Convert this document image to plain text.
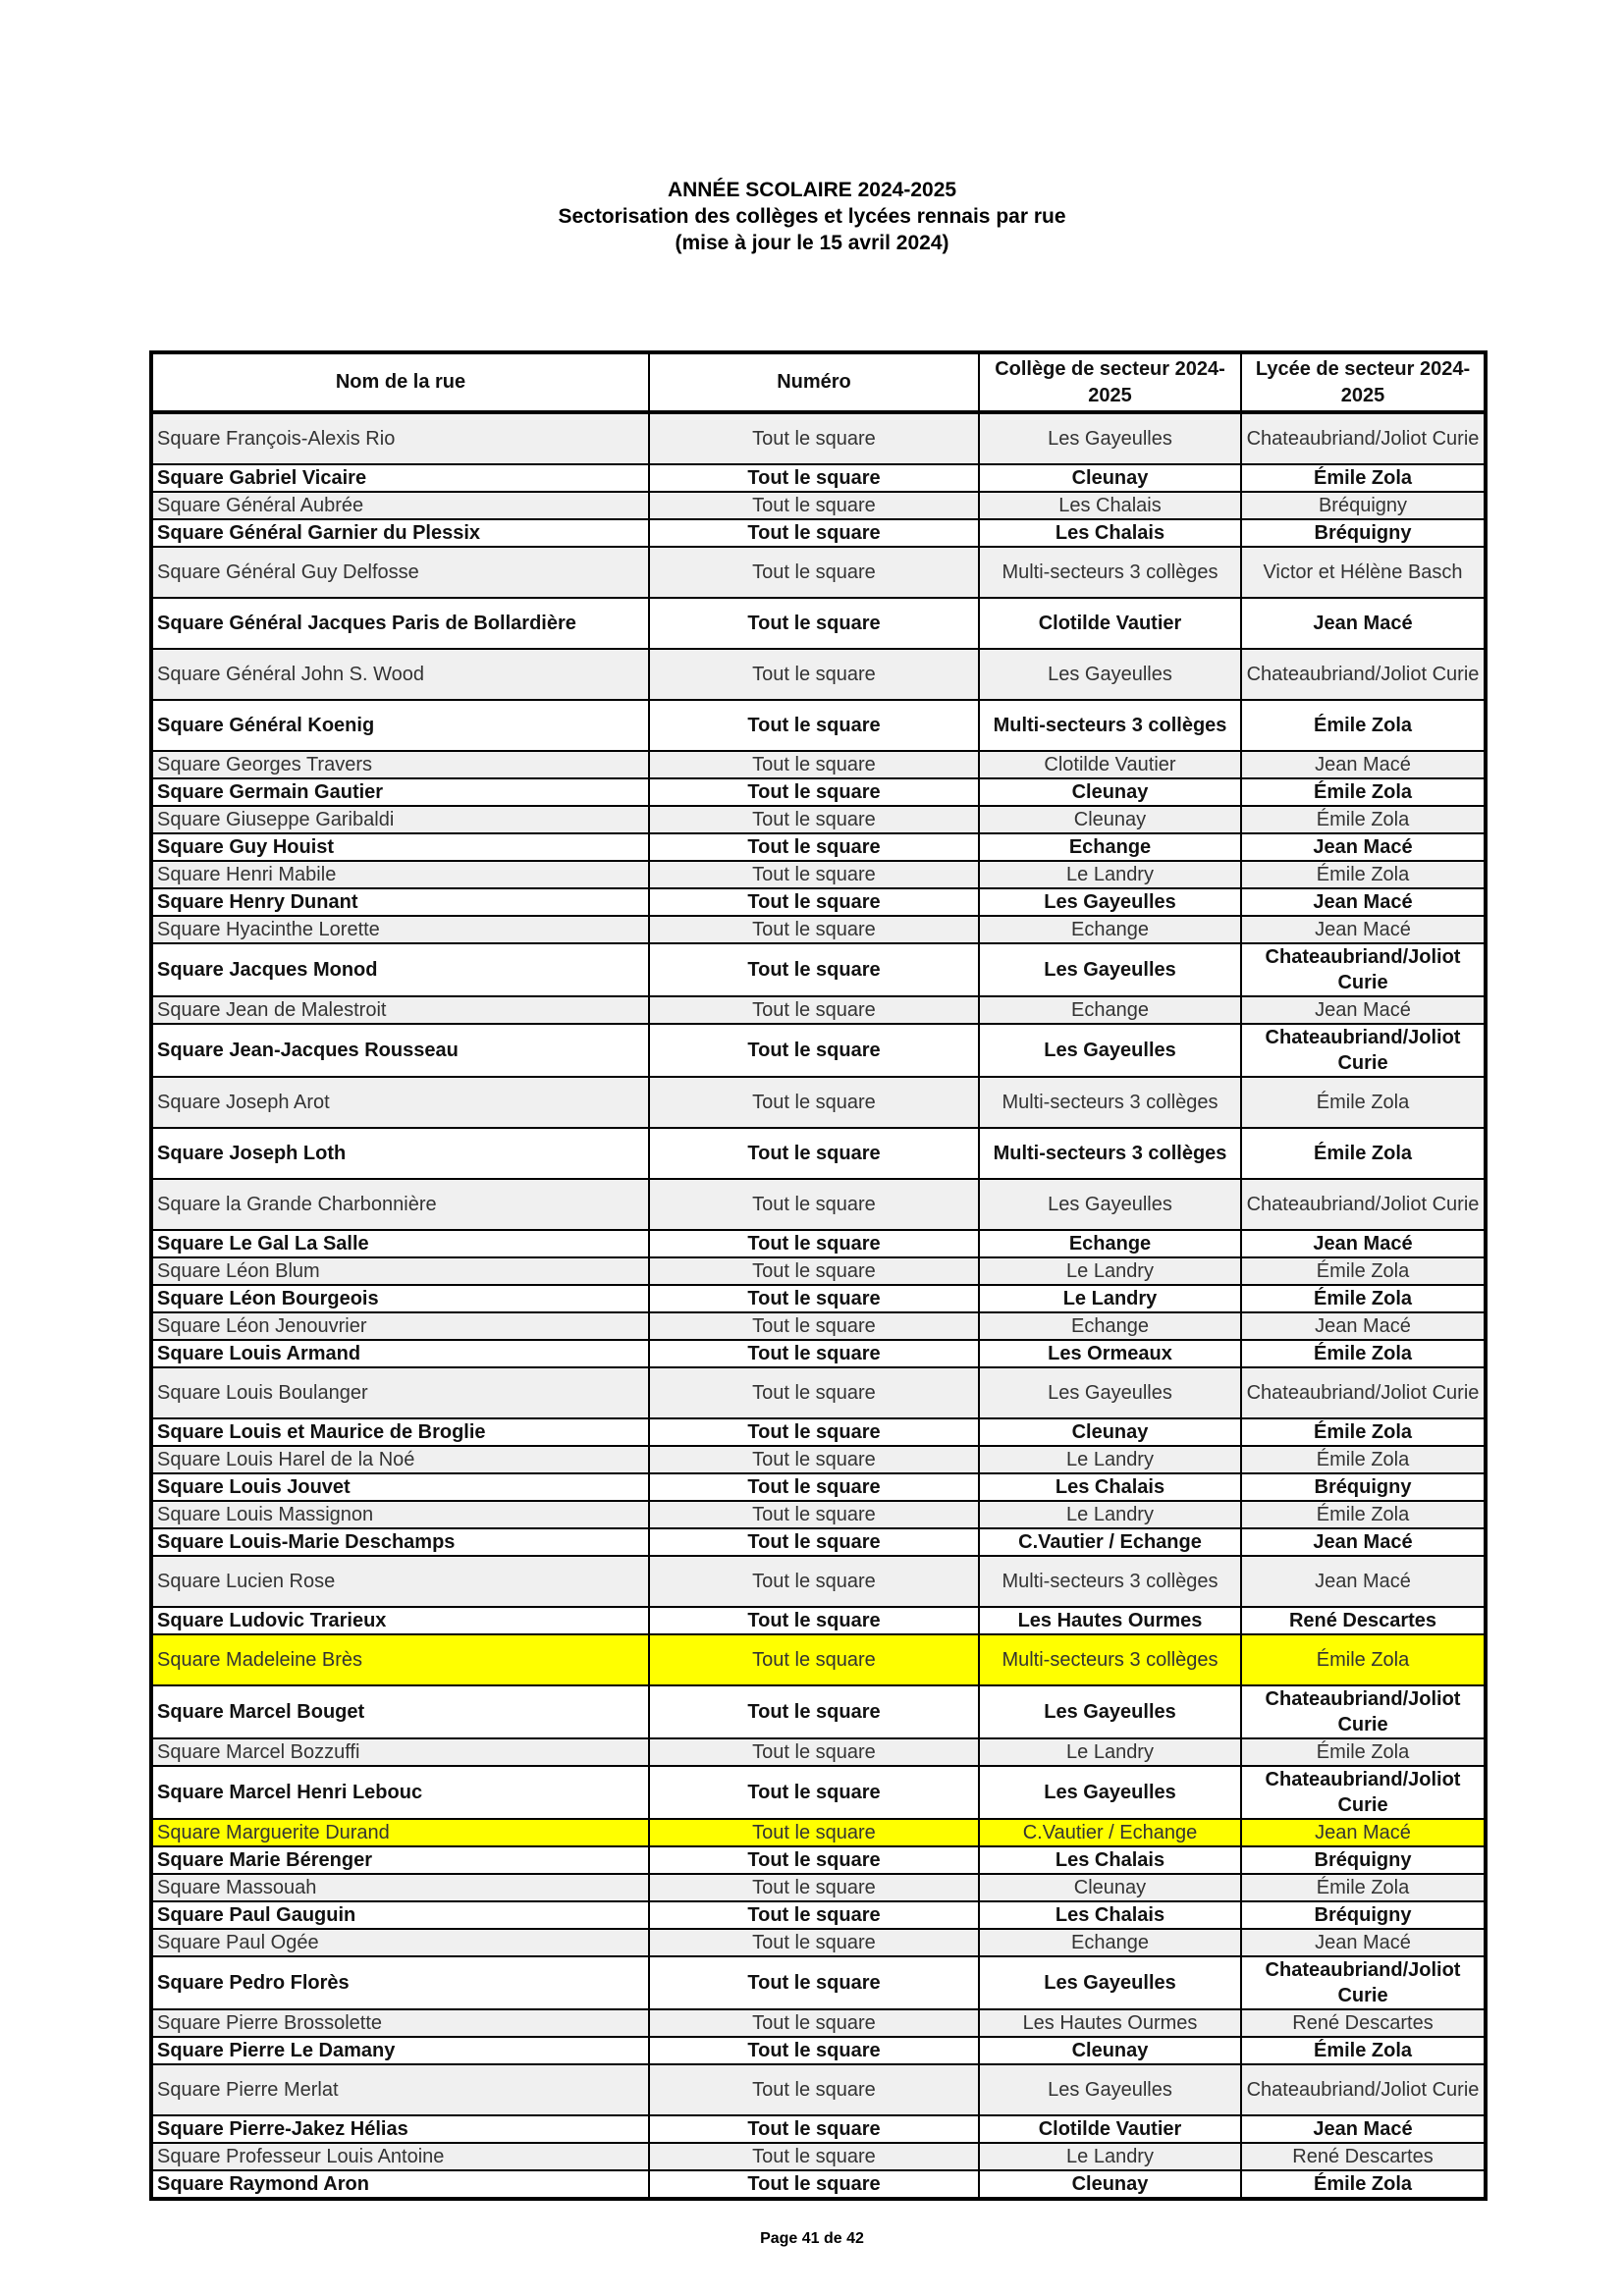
ANNÉE SCOLAIRE 2024-2025
Sectorisation des collèges et lycées rennais par rue
(mise à jour le 15 avril 2024)
Nom de la rue	Numéro	Collège de secteur 2024-2025	Lycée de secteur 2024-2025
Square François-Alexis Rio	Tout le square	Les Gayeulles	Chateaubriand/Joliot Curie
Square Gabriel Vicaire	Tout le square	Cleunay	Émile Zola
Square Général Aubrée	Tout le square	Les Chalais	Bréquigny
Square Général Garnier du Plessix	Tout le square	Les Chalais	Bréquigny
Square Général Guy Delfosse	Tout le square	Multi-secteurs 3 collèges	Victor et Hélène Basch
Square Général Jacques Paris de Bollardière	Tout le square	Clotilde Vautier	Jean Macé
Square Général John S. Wood	Tout le square	Les Gayeulles	Chateaubriand/Joliot Curie
Square Général Koenig	Tout le square	Multi-secteurs 3 collèges	Émile Zola
Square Georges Travers	Tout le square	Clotilde Vautier	Jean Macé
Square Germain Gautier	Tout le square	Cleunay	Émile Zola
Square Giuseppe Garibaldi	Tout le square	Cleunay	Émile Zola
Square Guy Houist	Tout le square	Echange	Jean Macé
Square Henri Mabile	Tout le square	Le Landry	Émile Zola
Square Henry Dunant	Tout le square	Les Gayeulles	Jean Macé
Square Hyacinthe Lorette	Tout le square	Echange	Jean Macé
Square Jacques Monod	Tout le square	Les Gayeulles	Chateaubriand/Joliot Curie
Square Jean de Malestroit	Tout le square	Echange	Jean Macé
Square Jean-Jacques Rousseau	Tout le square	Les Gayeulles	Chateaubriand/Joliot Curie
Square Joseph Arot	Tout le square	Multi-secteurs 3 collèges	Émile Zola
Square Joseph Loth	Tout le square	Multi-secteurs 3 collèges	Émile Zola
Square la Grande Charbonnière	Tout le square	Les Gayeulles	Chateaubriand/Joliot Curie
Square Le Gal La Salle	Tout le square	Echange	Jean Macé
Square Léon Blum	Tout le square	Le Landry	Émile Zola
Square Léon Bourgeois	Tout le square	Le Landry	Émile Zola
Square Léon Jenouvrier	Tout le square	Echange	Jean Macé
Square Louis Armand	Tout le square	Les Ormeaux	Émile Zola
Square Louis Boulanger	Tout le square	Les Gayeulles	Chateaubriand/Joliot Curie
Square Louis et Maurice de Broglie	Tout le square	Cleunay	Émile Zola
Square Louis Harel de la Noé	Tout le square	Le Landry	Émile Zola
Square Louis Jouvet	Tout le square	Les Chalais	Bréquigny
Square Louis Massignon	Tout le square	Le Landry	Émile Zola
Square Louis-Marie Deschamps	Tout le square	C.Vautier / Echange	Jean Macé
Square Lucien Rose	Tout le square	Multi-secteurs 3 collèges	Jean Macé
Square Ludovic Trarieux	Tout le square	Les Hautes Ourmes	René Descartes
Square Madeleine Brès	Tout le square	Multi-secteurs 3 collèges	Émile Zola
Square Marcel Bouget	Tout le square	Les Gayeulles	Chateaubriand/Joliot Curie
Square Marcel Bozzuffi	Tout le square	Le Landry	Émile Zola
Square Marcel Henri Lebouc	Tout le square	Les Gayeulles	Chateaubriand/Joliot Curie
Square Marguerite Durand	Tout le square	C.Vautier / Echange	Jean Macé
Square Marie Bérenger	Tout le square	Les Chalais	Bréquigny
Square Massouah	Tout le square	Cleunay	Émile Zola
Square Paul Gauguin	Tout le square	Les Chalais	Bréquigny
Square Paul Ogée	Tout le square	Echange	Jean Macé
Square Pedro Florès	Tout le square	Les Gayeulles	Chateaubriand/Joliot Curie
Square Pierre Brossolette	Tout le square	Les Hautes Ourmes	René Descartes
Square Pierre Le Damany	Tout le square	Cleunay	Émile Zola
Square Pierre Merlat	Tout le square	Les Gayeulles	Chateaubriand/Joliot Curie
Square Pierre-Jakez Hélias	Tout le square	Clotilde Vautier	Jean Macé
Square Professeur Louis Antoine	Tout le square	Le Landry	René Descartes
Square Raymond Aron	Tout le square	Cleunay	Émile Zola
Page 41 de 42
